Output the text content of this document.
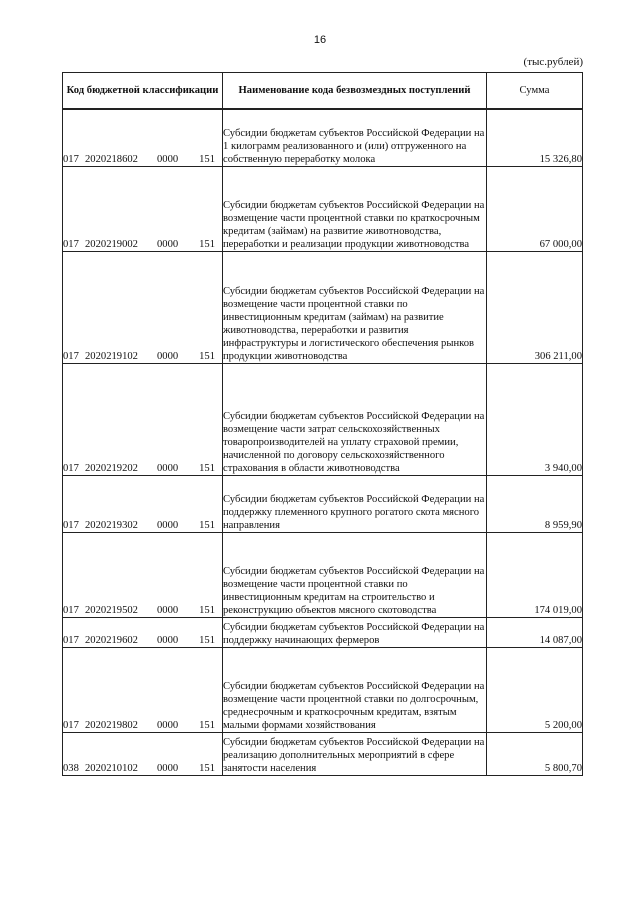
16
(тыс.рублей)
Код бюджетной классификации	Наименование кода безвозмездных поступлений	Сумма
017 2020218602 0000 151	Субсидии бюджетам субъектов Российской Федерации на 1 килограмм реализованного и (или) отгруженного на собственную переработку молока	15 326,80
017 2020219002 0000 151	Субсидии бюджетам субъектов Российской Федерации на возмещение части процентной ставки по краткосрочным кредитам (займам) на развитие животноводства, переработки и реализации продукции животноводства	67 000,00
017 2020219102 0000 151	Субсидии бюджетам субъектов Российской Федерации на возмещение части процентной ставки по инвестиционным кредитам (займам) на развитие животноводства, переработки и развития инфраструктуры и логистического обеспечения рынков продукции животноводства	306 211,00
017 2020219202 0000 151	Субсидии бюджетам субъектов Российской Федерации на возмещение части затрат сельскохозяйственных товаропроизводителей на уплату страховой премии, начисленной по договору сельскохозяйственного страхования в области животноводства	3 940,00
017 2020219302 0000 151	Субсидии бюджетам субъектов Российской Федерации на поддержку племенного крупного рогатого скота мясного направления	8 959,90
017 2020219502 0000 151	Субсидии бюджетам субъектов Российской Федерации на возмещение части процентной ставки по инвестиционным кредитам на строительство и реконструкцию объектов мясного скотоводства	174 019,00
017 2020219602 0000 151	Субсидии бюджетам субъектов Российской Федерации на поддержку начинающих фермеров	14 087,00
017 2020219802 0000 151	Субсидии бюджетам субъектов Российской Федерации на возмещение части процентной ставки по долгосрочным, среднесрочным и краткосрочным кредитам, взятым малыми формами хозяйствования	5 200,00
038 2020210102 0000 151	Субсидии бюджетам субъектов Российской Федерации на реализацию дополнительных мероприятий в сфере занятости населения	5 800,70
